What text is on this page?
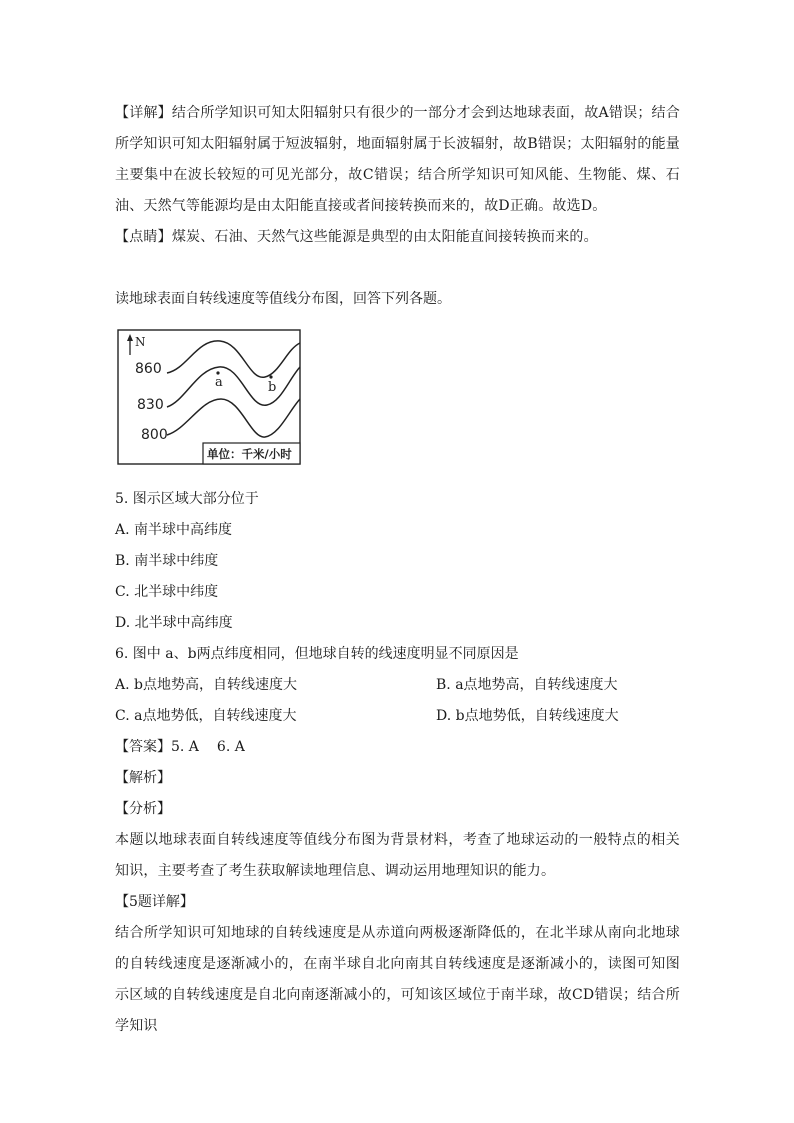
【详解】结合所学知识可知太阳辐射只有很少的一部分才会到达地球表面，故A错误；结合所学知识可知太阳辐射属于短波辐射，地面辐射属于长波辐射，故B错误；太阳辐射的能量主要集中在波长较短的可见光部分，故C错误；结合所学知识可知风能、生物能、煤、石油、天然气等能源均是由太阳能直接或者间接转换而来的，故D正确。故选D。

【点睛】煤炭、石油、天然气这些能源是典型的由太阳能直间接转换而来的。

读地球表面自转线速度等值线分布图，回答下列各题。

N
860
830
800
a	b
单位：千米/小时

5. 图示区域大部分位于

A. 南半球中高纬度

B. 南半球中纬度

C. 北半球中纬度

D. 北半球中高纬度

6. 图中 a、b两点纬度相同，但地球自转的线速度明显不同原因是

A. b点地势高，自转线速度大	B. a点地势高，自转线速度大
C. a点地势低，自转线速度大	D. b点地势低，自转线速度大

【答案】5. A 6. A

【解析】

【分析】

本题以地球表面自转线速度等值线分布图为背景材料，考查了地球运动的一般特点的相关知识，主要考查了考生获取解读地理信息、调动运用地理知识的能力。

【5题详解】

结合所学知识可知地球的自转线速度是从赤道向两极逐渐降低的，在北半球从南向北地球的自转线速度是逐渐减小的，在南半球自北向南其自转线速度是逐渐减小的，读图可知图示区域的自转线速度是自北向南逐渐减小的，可知该区域位于南半球，故CD错误；结合所学知识
